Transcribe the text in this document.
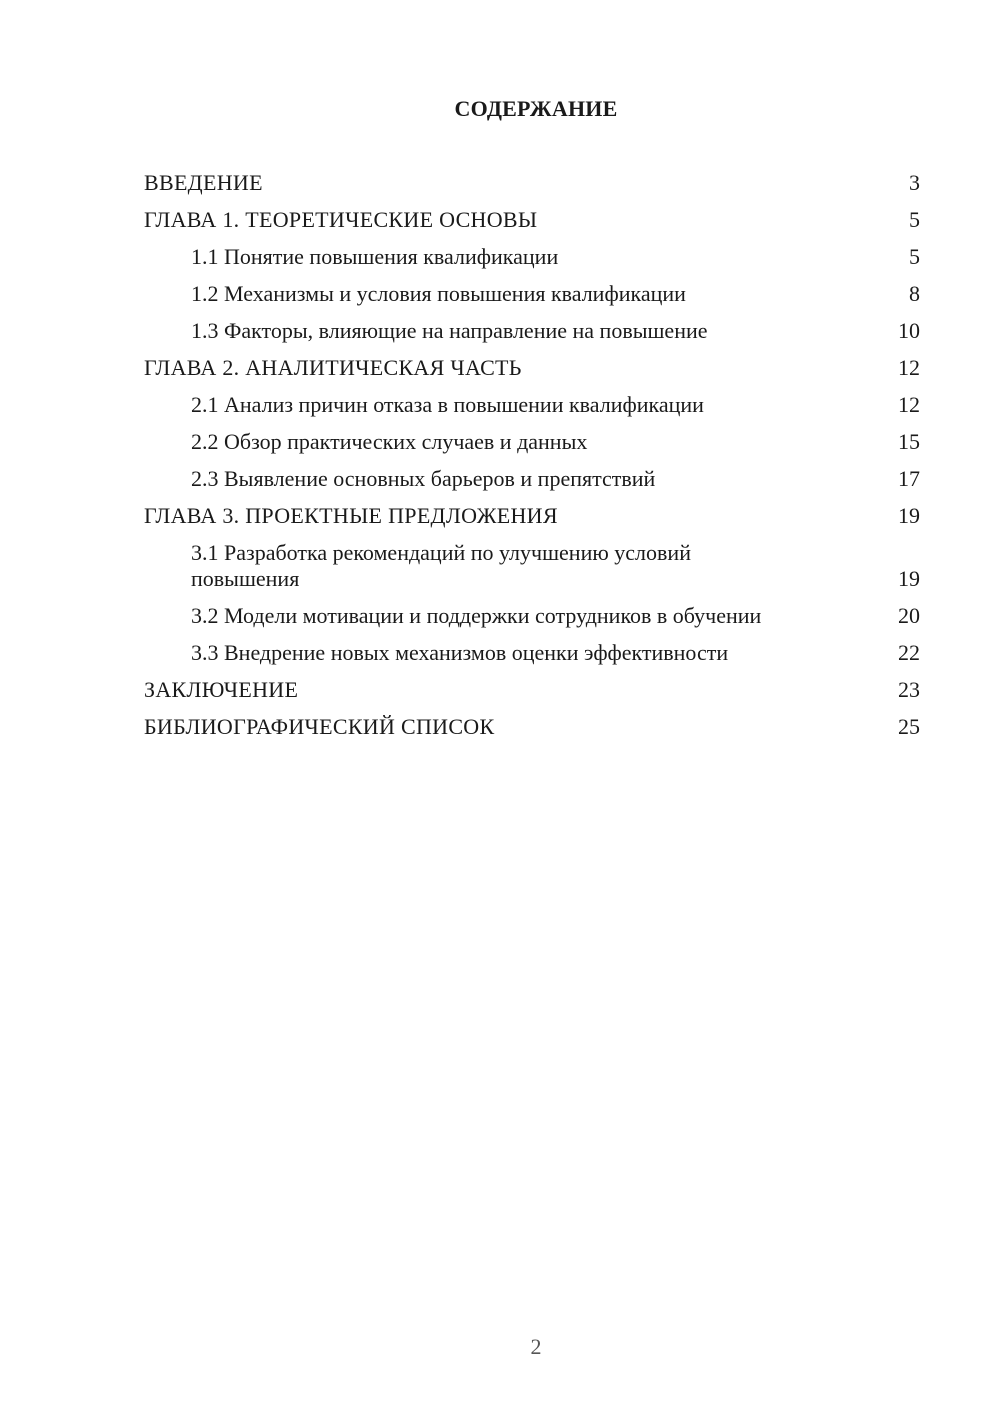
СОДЕРЖАНИЕ
ВВЕДЕНИЕ	3
ГЛАВА 1. ТЕОРЕТИЧЕСКИЕ ОСНОВЫ	5
1.1 Понятие повышения квалификации	5
1.2 Механизмы и условия повышения квалификации	8
1.3 Факторы, влияющие на направление на повышение	10
ГЛАВА 2. АНАЛИТИЧЕСКАЯ ЧАСТЬ	12
2.1 Анализ причин отказа в повышении квалификации	12
2.2 Обзор практических случаев и данных	15
2.3 Выявление основных барьеров и препятствий	17
ГЛАВА 3. ПРОЕКТНЫЕ ПРЕДЛОЖЕНИЯ	19
3.1 Разработка рекомендаций по улучшению условий повышения	19
3.2 Модели мотивации и поддержки сотрудников в обучении	20
3.3 Внедрение новых механизмов оценки эффективности	22
ЗАКЛЮЧЕНИЕ	23
БИБЛИОГРАФИЧЕСКИЙ СПИСОК	25
2
